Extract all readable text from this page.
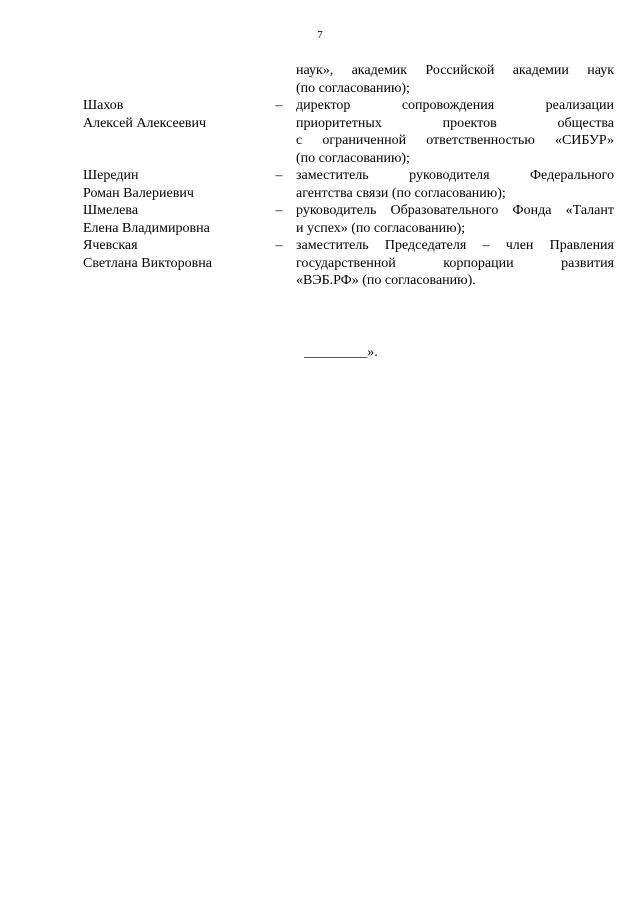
7
наук», академик Российской академии наук
(по согласованию);
Шахов
Алексей Алексеевич
– директор сопровождения реализации
приоритетных проектов общества
с ограниченной ответственностью «СИБУР»
(по согласованию);
Шередин
Роман Валериевич
– заместитель руководителя Федерального
агентства связи (по согласованию);
Шмелева
Елена Владимировна
– руководитель Образовательного Фонда «Талант
и успех» (по согласованию);
Ячевская
Светлана Викторовна
– заместитель Председателя – член Правления
государственной корпорации развития
«ВЭБ.РФ» (по согласованию).
_________».
